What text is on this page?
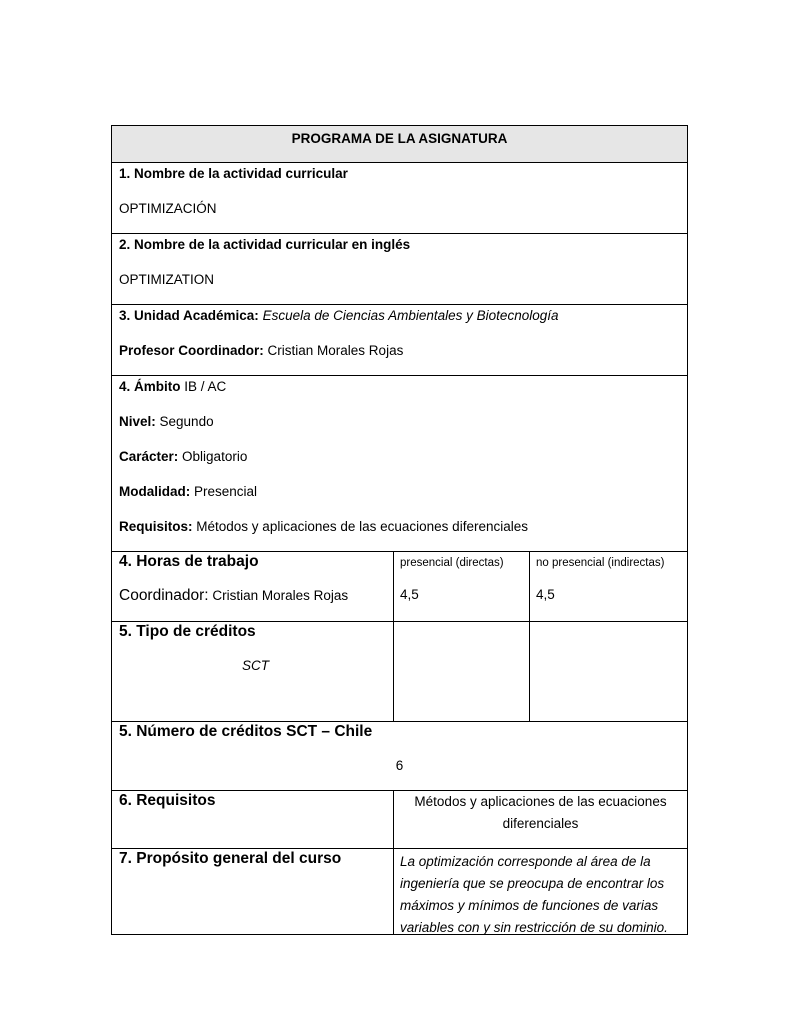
PROGRAMA DE LA ASIGNATURA
1. Nombre de la actividad curricular
OPTIMIZACIÓN
2. Nombre de la actividad curricular en inglés
OPTIMIZATION
3. Unidad Académica: Escuela de Ciencias Ambientales y Biotecnología
Profesor Coordinador: Cristian Morales Rojas
4. Ámbito IB / AC
Nivel: Segundo
Carácter: Obligatorio
Modalidad: Presencial
Requisitos: Métodos y aplicaciones de las ecuaciones diferenciales
4. Horas de trabajo
Coordinador: Cristian Morales Rojas
presencial (directas)
4,5
no presencial (indirectas)
4,5
5. Tipo de créditos
SCT
5. Número de créditos SCT – Chile
6
6. Requisitos	Métodos y aplicaciones de las ecuaciones
diferenciales
7. Propósito general del curso	La optimización corresponde al área de la
ingeniería que se preocupa de encontrar los
máximos y mínimos de funciones de varias
variables con y sin restricción de su dominio.
